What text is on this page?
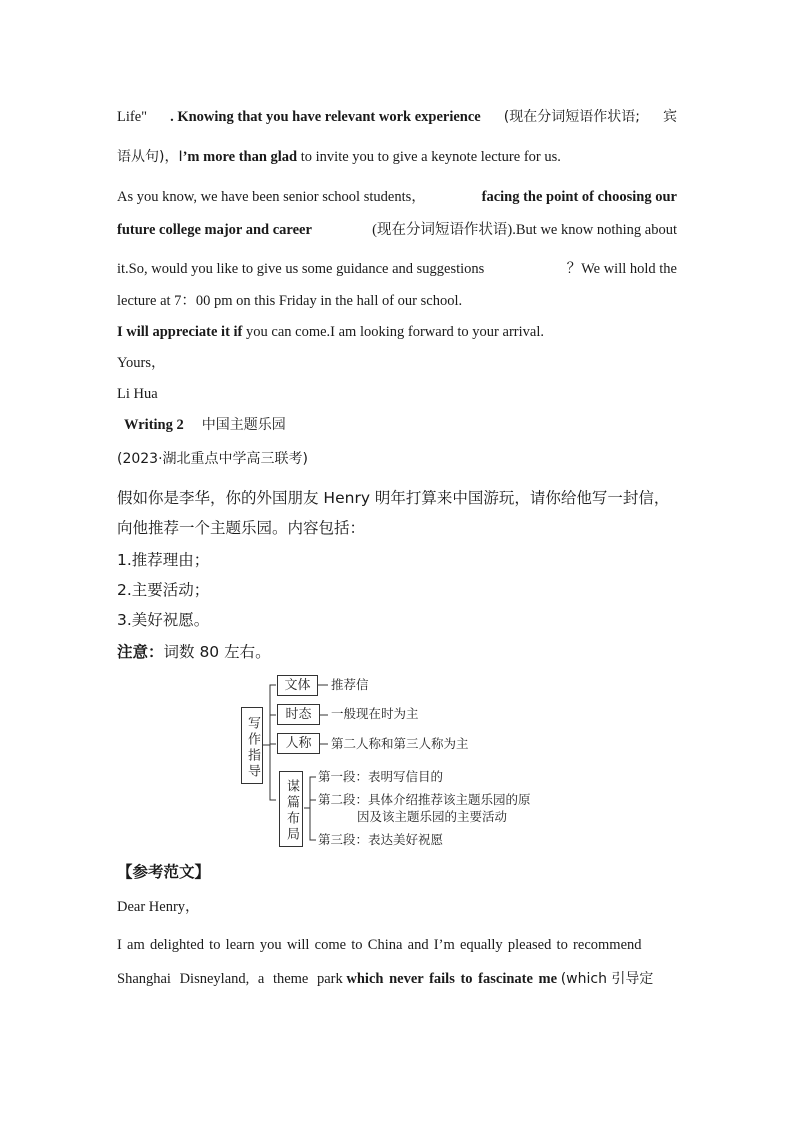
Life" . Knowing that you have relevant work experience (现在分词短语作状语; 宾
语从句)，I’m more than glad to invite you to give a keynote lecture for us.
As you know, we have been senior school students，	facing the point of choosing our
future college major and career	(现在分词短语作状语).But we know nothing about
it.So, would you like to give us some guidance and suggestions	？We will hold the
lecture at 7：00 pm on this Friday in the hall of our school.
I will appreciate it if you can come.I am looking forward to your arrival.
Yours，
Li Hua
Writing 2 中国主题乐园
(2023·湖北重点中学高三联考)
假如你是李华，你的外国朋友 Henry 明年打算来中国游玩，请你给他写一封信，
向他推荐一个主题乐园。内容包括：
1.推荐理由；
2.主要活动；
3.美好祝愿。
注意：词数 80 左右。
写作指导
文体	推荐信
时态	一般现在时为主
人称	第二人称和第三人称为主
谋篇布局
第一段：表明写信目的
第二段：具体介绍推荐该主题乐园的原
因及该主题乐园的主要活动
第三段：表达美好祝愿
【参考范文】
Dear Henry，
I am delighted to learn you will come to China and I’m equally pleased to recommend
Shanghai Disneyland, a theme park which never fails to fascinate me (which 引导定
